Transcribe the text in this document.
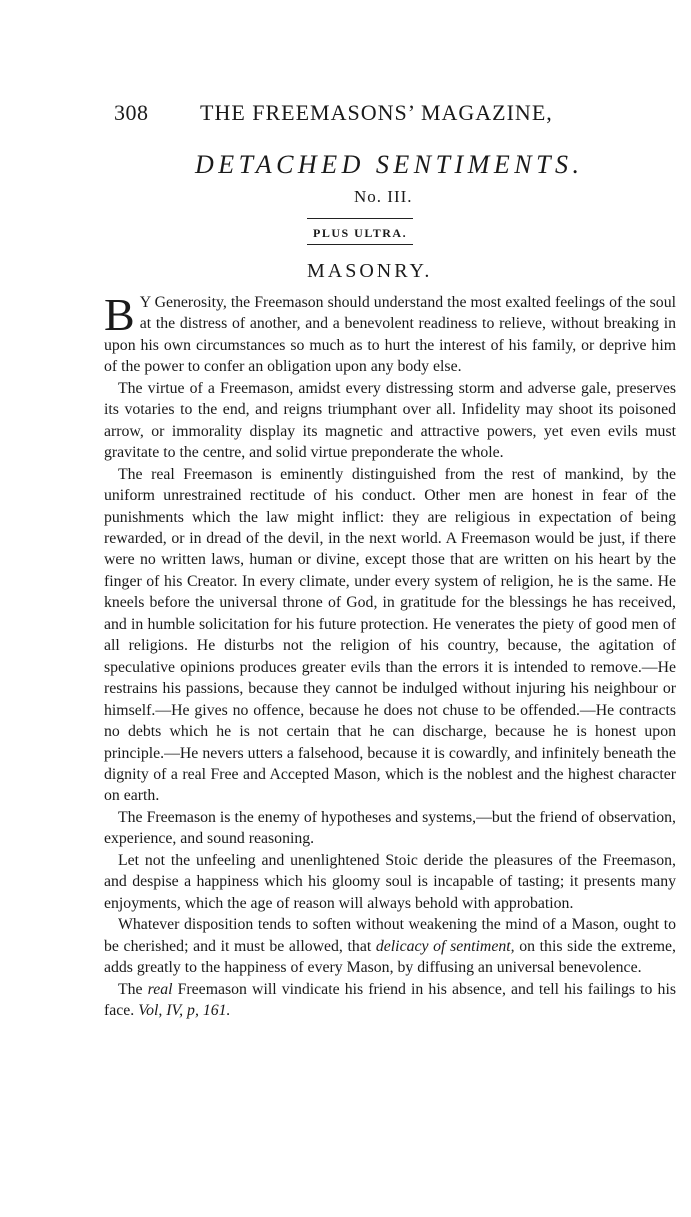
308 THE FREEMASONS’ MAGAZINE,
DETACHED SENTIMENTS.
No. III.
PLUS ULTRA.
MASONRY.

B Y Generosity, the Freemason should understand the most exalted feelings of the soul at the distress of another, and a benevolent readiness to relieve, without breaking in upon his own circumstances so much as to hurt the interest of his family, or deprive him of the power to confer an obligation upon any body else.

The virtue of a Freemason, amidst every distressing storm and adverse gale, preserves its votaries to the end, and reigns triumphant over all. Infidelity may shoot its poisoned arrow, or immorality display its magnetic and attractive powers, yet even evils must gravitate to the centre, and solid virtue preponderate the whole.

The real Freemason is eminently distinguished from the rest of mankind, by the uniform unrestrained rectitude of his conduct. Other men are honest in fear of the punishments which the law might inflict: they are religious in expectation of being rewarded, or in dread of the devil, in the next world. A Freemason would be just, if there were no written laws, human or divine, except those that are written on his heart by the finger of his Creator. In every climate, under every system of religion, he is the same. He kneels before the universal throne of God, in gratitude for the blessings he has received, and in humble solicitation for his future protection. He venerates the piety of good men of all religions. He disturbs not the religion of his country, because, the agitation of speculative opinions produces greater evils than the errors it is intended to remove.—He restrains his passions, because they cannot be indulged without injuring his neighbour or himself.—He gives no offence, because he does not chuse to be offended.—He contracts no debts which he is not certain that he can discharge, because he is honest upon principle.—He nevers utters a falsehood, because it is cowardly, and infinitely beneath the dignity of a real Free and Accepted Mason, which is the noblest and the highest character on earth.

The Freemason is the enemy of hypotheses and systems,—but the friend of observation, experience, and sound reasoning.

Let not the unfeeling and unenlightened Stoic deride the pleasures of the Freemason, and despise a happiness which his gloomy soul is incapable of tasting; it presents many enjoyments, which the age of reason will always behold with approbation.

Whatever disposition tends to soften without weakening the mind of a Mason, ought to be cherished; and it must be allowed, that delicacy of sentiment, on this side the extreme, adds greatly to the happiness of every Mason, by diffusing an universal benevolence.

The real Freemason will vindicate his friend in his absence, and tell his failings to his face. Vol, IV, p, 161.
